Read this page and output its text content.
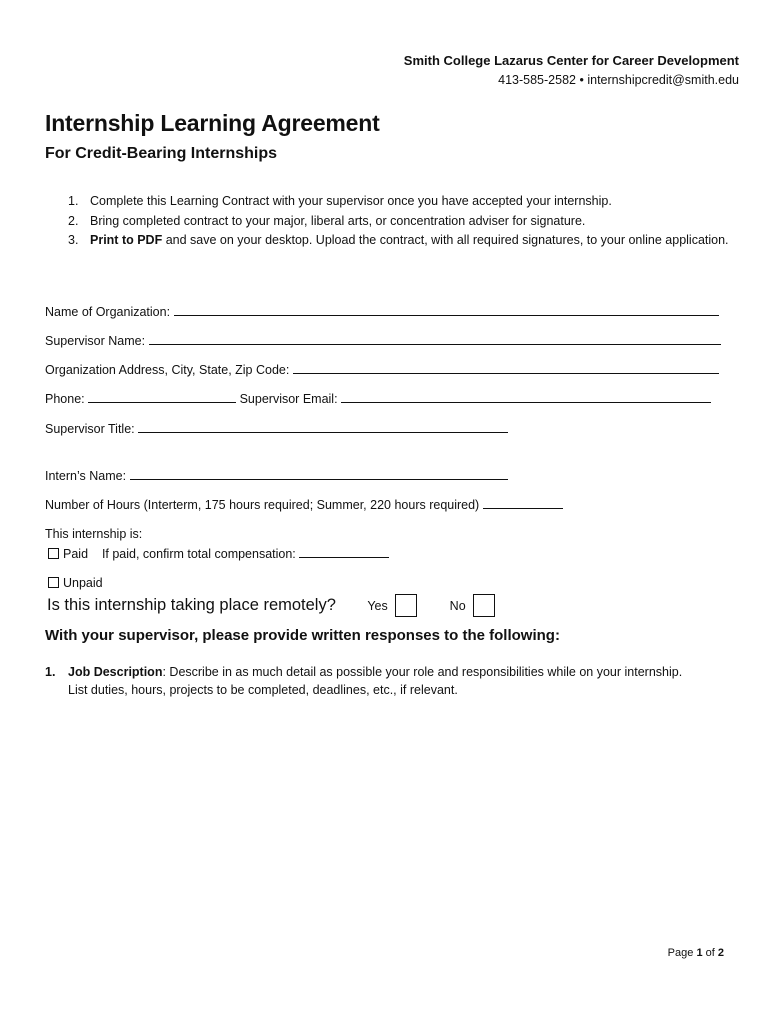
Smith College Lazarus Center for Career Development
413-585-2582 • internshipcredit@smith.edu
Internship Learning Agreement
For Credit-Bearing Internships
1. Complete this Learning Contract with your supervisor once you have accepted your internship.
2. Bring completed contract to your major, liberal arts, or concentration adviser for signature.
3. Print to PDF and save on your desktop. Upload the contract, with all required signatures, to your online application.
Name of Organization:
Supervisor Name:
Organization Address, City, State, Zip Code:
Phone:	Supervisor Email:
Supervisor Title:
Intern’s Name:
Number of Hours (Interterm, 175 hours required; Summer, 220 hours required)
This internship is:
Paid If paid, confirm total compensation:
Unpaid
Is this internship taking place remotely?	Yes	No
With your supervisor, please provide written responses to the following:
1. Job Description: Describe in as much detail as possible your role and responsibilities while on your internship. List duties, hours, projects to be completed, deadlines, etc., if relevant.
Page 1 of 2
